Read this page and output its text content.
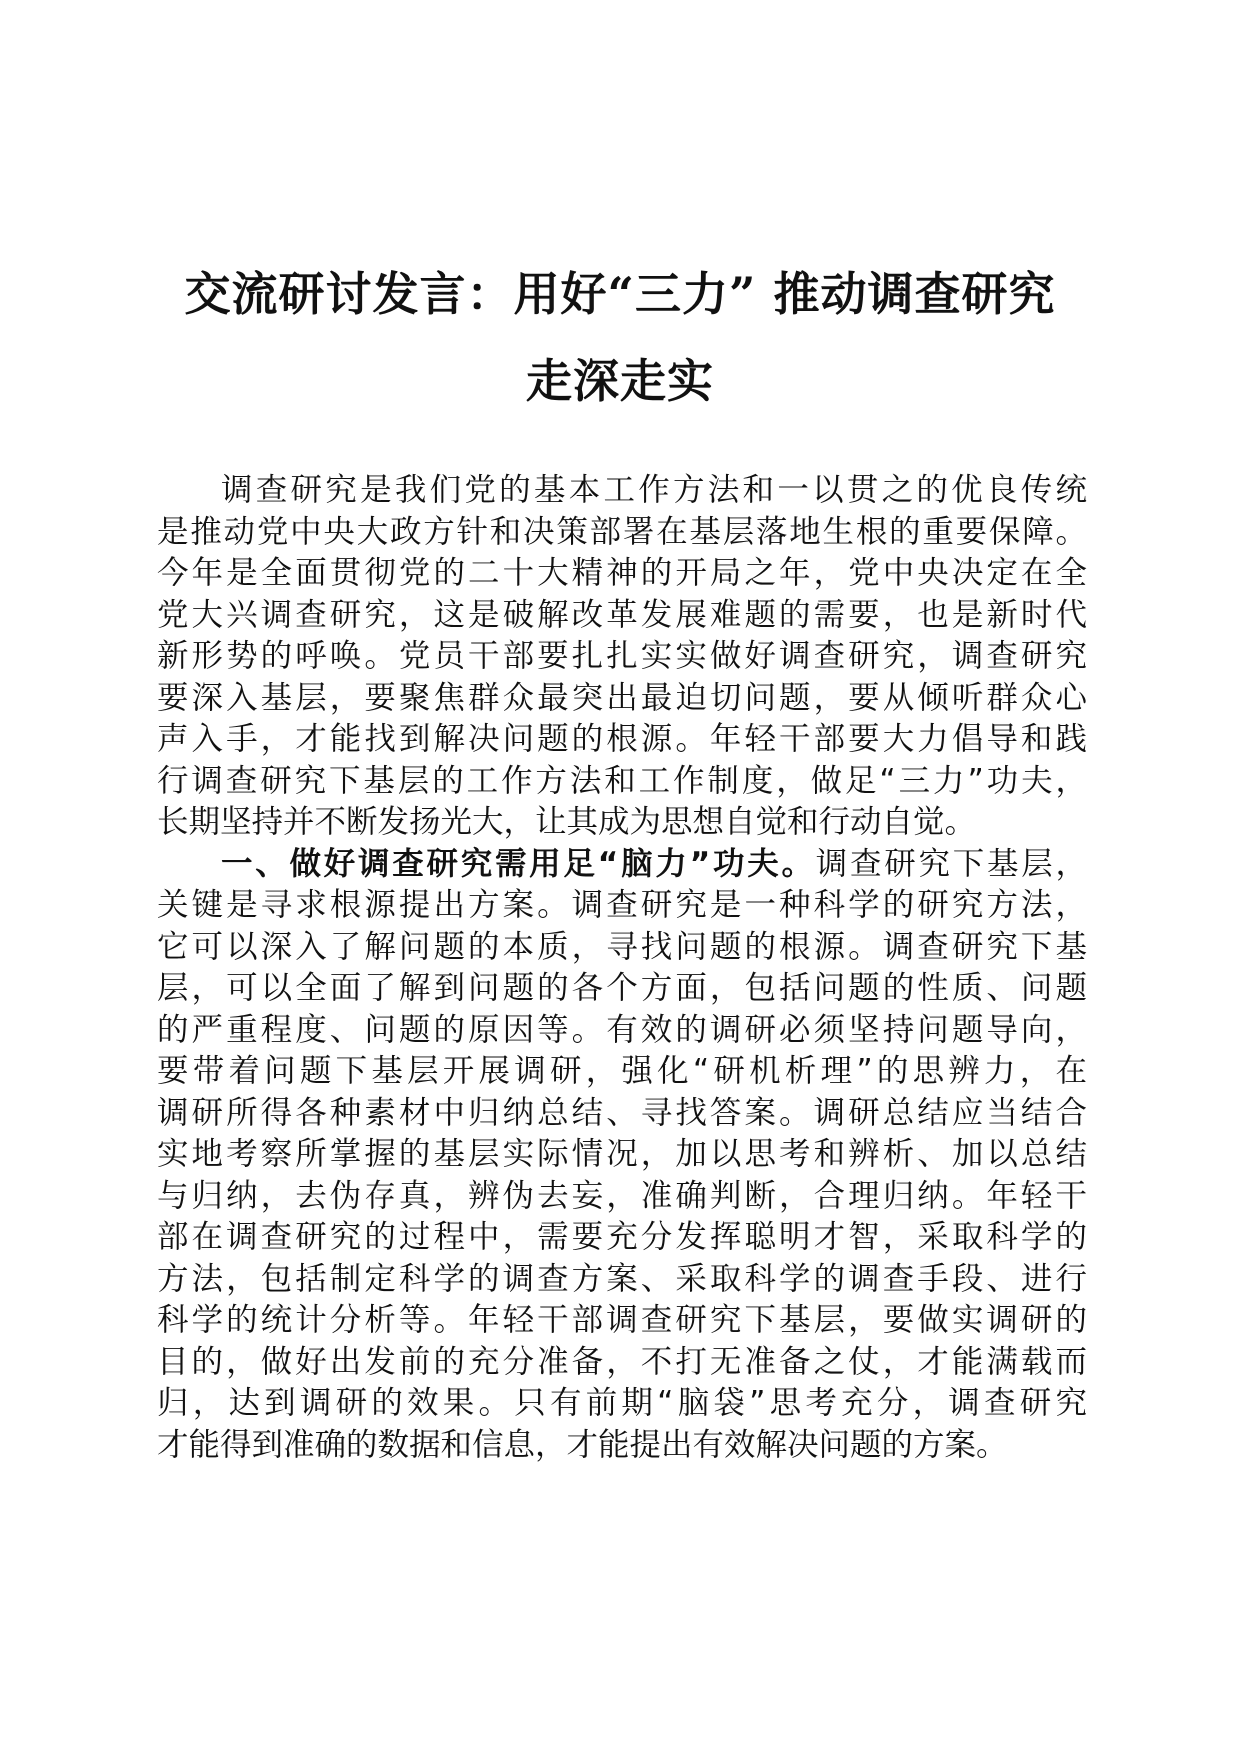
交流研讨发言：用好“三力” 推动调查研究
走深走实
调查研究是我们党的基本工作方法和一以贯之的优良传统
是推动党中央大政方针和决策部署在基层落地生根的重要保障。
今年是全面贯彻党的二十大精神的开局之年，党中央决定在全
党大兴调查研究，这是破解改革发展难题的需要，也是新时代
新形势的呼唤。党员干部要扎扎实实做好调查研究，调查研究
要深入基层，要聚焦群众最突出最迫切问题，要从倾听群众心
声入手，才能找到解决问题的根源。年轻干部要大力倡导和践
行调查研究下基层的工作方法和工作制度，做足“三力”功夫，
长期坚持并不断发扬光大，让其成为思想自觉和行动自觉。
一、做好调查研究需用足“脑力”功夫。调查研究下基层，
关键是寻求根源提出方案。调查研究是一种科学的研究方法，
它可以深入了解问题的本质，寻找问题的根源。调查研究下基
层，可以全面了解到问题的各个方面，包括问题的性质、问题
的严重程度、问题的原因等。有效的调研必须坚持问题导向，
要带着问题下基层开展调研，强化“研机析理”的思辨力，在
调研所得各种素材中归纳总结、寻找答案。调研总结应当结合
实地考察所掌握的基层实际情况，加以思考和辨析、加以总结
与归纳，去伪存真，辨伪去妄，准确判断，合理归纳。年轻干
部在调查研究的过程中，需要充分发挥聪明才智，采取科学的
方法，包括制定科学的调查方案、采取科学的调查手段、进行
科学的统计分析等。年轻干部调查研究下基层，要做实调研的
目的，做好出发前的充分准备，不打无准备之仗，才能满载而
归，达到调研的效果。只有前期“脑袋”思考充分，调查研究
才能得到准确的数据和信息，才能提出有效解决问题的方案。
